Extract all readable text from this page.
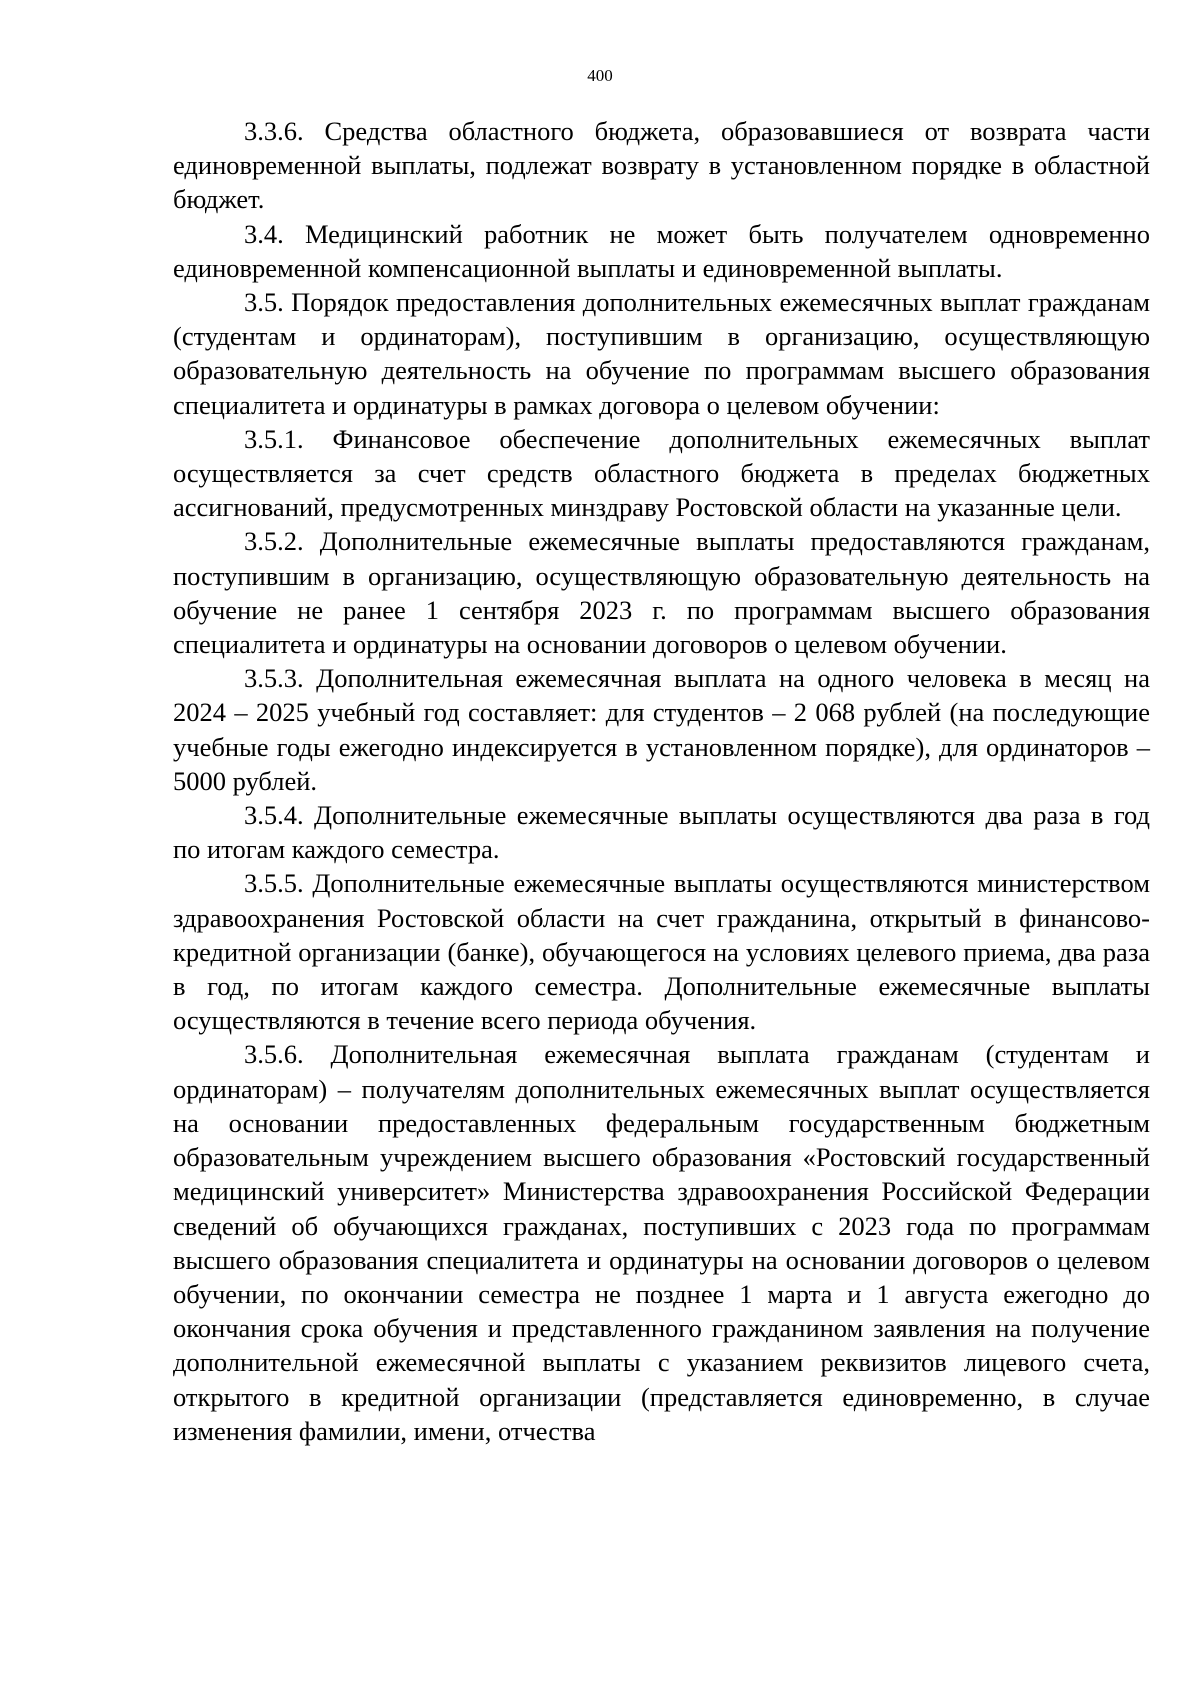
400

3.3.6. Средства областного бюджета, образовавшиеся от возврата части единовременной выплаты, подлежат возврату в установленном порядке в областной бюджет.

3.4. Медицинский работник не может быть получателем одновременно единовременной компенсационной выплаты и единовременной выплаты.

3.5. Порядок предоставления дополнительных ежемесячных выплат гражданам (студентам и ординаторам), поступившим в организацию, осуществляющую образовательную деятельность на обучение по программам высшего образования специалитета и ординатуры в рамках договора о целевом обучении:

3.5.1. Финансовое обеспечение дополнительных ежемесячных выплат осуществляется за счет средств областного бюджета в пределах бюджетных ассигнований, предусмотренных минздраву Ростовской области на указанные цели.

3.5.2. Дополнительные ежемесячные выплаты предоставляются гражданам, поступившим в организацию, осуществляющую образовательную деятельность на обучение не ранее 1 сентября 2023 г. по программам высшего образования специалитета и ординатуры на основании договоров о целевом обучении.

3.5.3. Дополнительная ежемесячная выплата на одного человека в месяц на 2024 – 2025 учебный год составляет: для студентов – 2 068 рублей (на последующие учебные годы ежегодно индексируется в установленном порядке), для ординаторов – 5000 рублей.

3.5.4. Дополнительные ежемесячные выплаты осуществляются два раза в год по итогам каждого семестра.

3.5.5. Дополнительные ежемесячные выплаты осуществляются министерством здравоохранения Ростовской области на счет гражданина, открытый в финансово-кредитной организации (банке), обучающегося на условиях целевого приема, два раза в год, по итогам каждого семестра. Дополнительные ежемесячные выплаты осуществляются в течение всего периода обучения.

3.5.6. Дополнительная ежемесячная выплата гражданам (студентам и ординаторам) – получателям дополнительных ежемесячных выплат осуществляется на основании предоставленных федеральным государственным бюджетным образовательным учреждением высшего образования «Ростовский государственный медицинский университет» Министерства здравоохранения Российской Федерации сведений об обучающихся гражданах, поступивших с 2023 года по программам высшего образования специалитета и ординатуры на основании договоров о целевом обучении, по окончании семестра не позднее 1 марта и 1 августа ежегодно до окончания срока обучения и представленного гражданином заявления на получение дополнительной ежемесячной выплаты с указанием реквизитов лицевого счета, открытого в кредитной организации (представляется единовременно, в случае изменения фамилии, имени, отчества
